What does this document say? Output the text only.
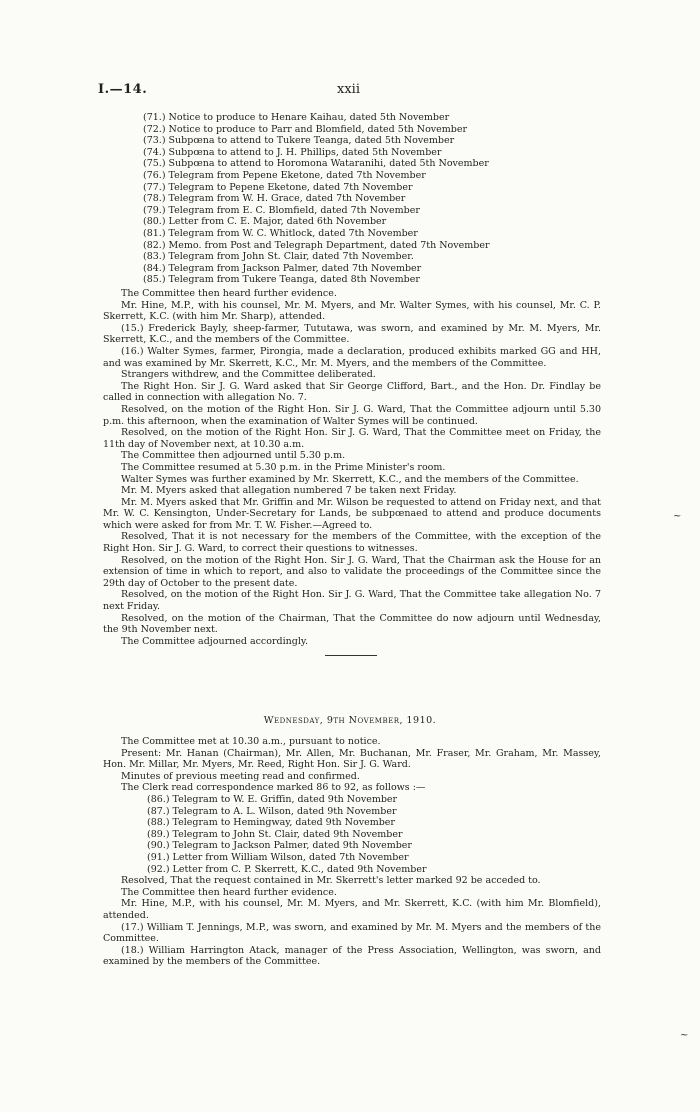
I.—14.	xxii
(71.) Notice to produce to Henare Kaihau, dated 5th November
(72.) Notice to produce to Parr and Blomfield, dated 5th November
(73.) Subpœna to attend to Tukere Teanga, dated 5th November
(74.) Subpœna to attend to J. H. Phillips, dated 5th November
(75.) Subpœna to attend to Horomona Wataranihi, dated 5th November
(76.) Telegram from Pepene Eketone, dated 7th November
(77.) Telegram to Pepene Eketone, dated 7th November
(78.) Telegram from W. H. Grace, dated 7th November
(79.) Telegram from E. C. Blomfield, dated 7th November
(80.) Letter from C. E. Major, dated 6th November
(81.) Telegram from W. C. Whitlock, dated 7th November
(82.) Memo. from Post and Telegraph Department, dated 7th November
(83.) Telegram from John St. Clair, dated 7th November.
(84.) Telegram from Jackson Palmer, dated 7th November
(85.) Telegram from Tukere Teanga, dated 8th November
The Committee then heard further evidence.
Mr. Hine, M.P., with his counsel, Mr. M. Myers, and Mr. Walter Symes, with his counsel, Mr. C. P. Skerrett, K.C. (with him Mr. Sharp), attended.
(15.) Frederick Bayly, sheep-farmer, Tututawa, was sworn, and examined by Mr. M. Myers, Mr. Skerrett, K.C., and the members of the Committee.
(16.) Walter Symes, farmer, Pirongia, made a declaration, produced exhibits marked GG and HH, and was examined by Mr. Skerrett, K.C., Mr. M. Myers, and the members of the Committee.
Strangers withdrew, and the Committee deliberated.
The Right Hon. Sir J. G. Ward asked that Sir George Clifford, Bart., and the Hon. Dr. Findlay be called in connection with allegation No. 7.
Resolved, on the motion of the Right Hon. Sir J. G. Ward, That the Committee adjourn until 5.30 p.m. this afternoon, when the examination of Walter Symes will be continued.
Resolved, on the motion of the Right Hon. Sir J. G. Ward, That the Committee meet on Friday, the 11th day of November next, at 10.30 a.m.
The Committee then adjourned until 5.30 p.m.
The Committee resumed at 5.30 p.m. in the Prime Minister's room.
Walter Symes was further examined by Mr. Skerrett, K.C., and the members of the Committee.
Mr. M. Myers asked that allegation numbered 7 be taken next Friday.
Mr. M. Myers asked that Mr. Griffin and Mr. Wilson be requested to attend on Friday next, and that Mr. W. C. Kensington, Under-Secretary for Lands, be subpœnaed to attend and produce documents which were asked for from Mr. T. W. Fisher.—Agreed to.
Resolved, That it is not necessary for the members of the Committee, with the exception of the Right Hon. Sir J. G. Ward, to correct their questions to witnesses.
Resolved, on the motion of the Right Hon. Sir J. G. Ward, That the Chairman ask the House for an extension of time in which to report, and also to validate the proceedings of the Committee since the 29th day of October to the present date.
Resolved, on the motion of the Right Hon. Sir J. G. Ward, That the Committee take allegation No. 7 next Friday.
Resolved, on the motion of the Chairman, That the Committee do now adjourn until Wednesday, the 9th November next.
The Committee adjourned accordingly.
Wednesday, 9th November, 1910.
The Committee met at 10.30 a.m., pursuant to notice.
Present: Mr. Hanan (Chairman), Mr. Allen, Mr. Buchanan, Mr. Fraser, Mr. Graham, Mr. Massey, Hon. Mr. Millar, Mr. Myers, Mr. Reed, Right Hon. Sir J. G. Ward.
Minutes of previous meeting read and confirmed.
The Clerk read correspondence marked 86 to 92, as follows :—
(86.) Telegram to W. E. Griffin, dated 9th November
(87.) Telegram to A. L. Wilson, dated 9th November
(88.) Telegram to Hemingway, dated 9th November
(89.) Telegram to John St. Clair, dated 9th November
(90.) Telegram to Jackson Palmer, dated 9th November
(91.) Letter from William Wilson, dated 7th November
(92.) Letter from C. P. Skerrett, K.C., dated 9th November
Resolved, That the request contained in Mr. Skerrett's letter marked 92 be acceded to.
The Committee then heard further evidence.
Mr. Hine, M.P., with his counsel, Mr. M. Myers, and Mr. Skerrett, K.C. (with him Mr. Blomfield), attended.
(17.) William T. Jennings, M.P., was sworn, and examined by Mr. M. Myers and the members of the Committee.
(18.) William Harrington Atack, manager of the Press Association, Wellington, was sworn, and examined by the members of the Committee.
~
~
